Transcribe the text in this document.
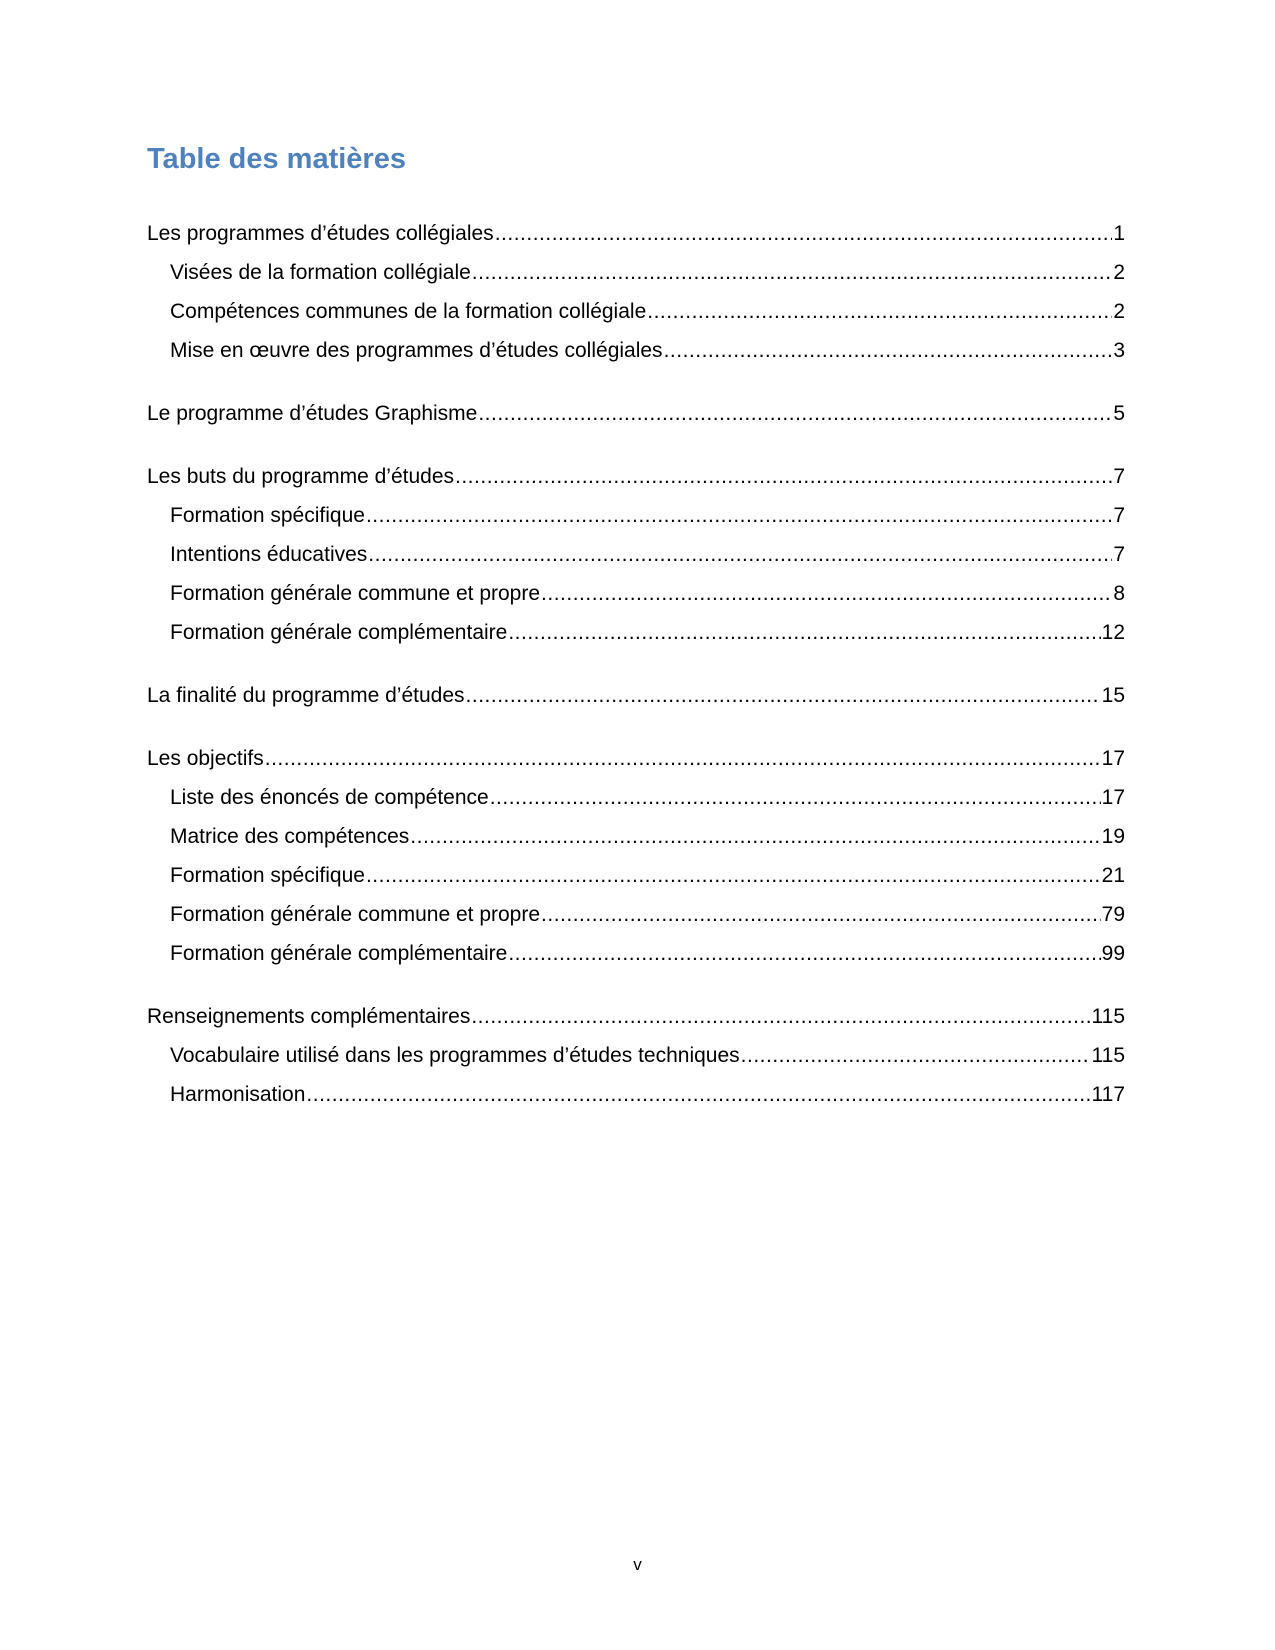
Table des matières
Les programmes d’études collégiales .....	1
Visées de la formation collégiale .....	2
Compétences communes de la formation collégiale .....	2
Mise en œuvre des programmes d’études collégiales .....	3
Le programme d’études Graphisme .....	5
Les buts du programme d’études .....	7
Formation spécifique .....	7
Intentions éducatives .....	7
Formation générale commune et propre .....	8
Formation générale complémentaire .....	12
La finalité du programme d’études .....	15
Les objectifs .....	17
Liste des énoncés de compétence .....	17
Matrice des compétences .....	19
Formation spécifique .....	21
Formation générale commune et propre .....	79
Formation générale complémentaire .....	99
Renseignements complémentaires .....	115
Vocabulaire utilisé dans les programmes d’études techniques .....	115
Harmonisation .....	117
v
